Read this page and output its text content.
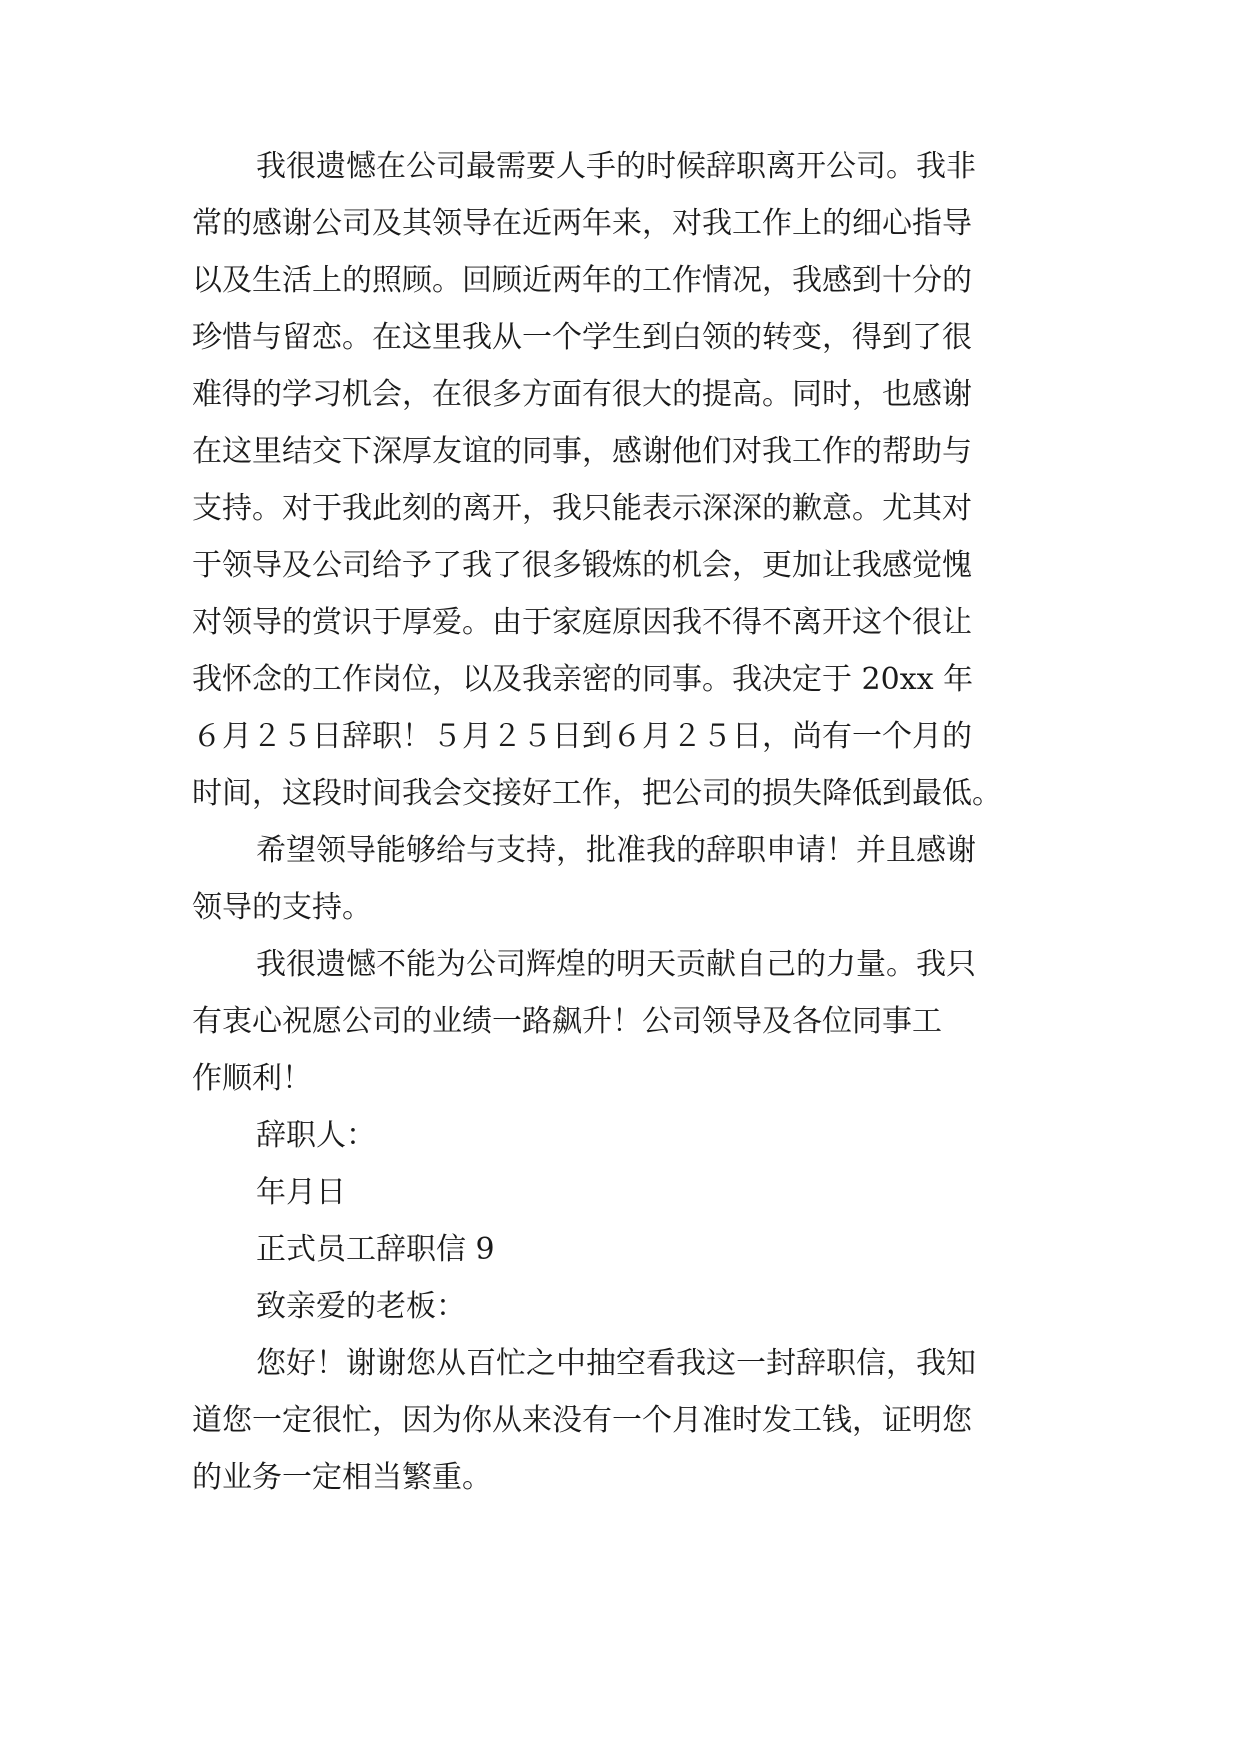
我很遗憾在公司最需要人手的时候辞职离开公司。我非
常的感谢公司及其领导在近两年来，对我工作上的细心指导
以及生活上的照顾。回顾近两年的工作情况，我感到十分的
珍惜与留恋。在这里我从一个学生到白领的转变，得到了很
难得的学习机会，在很多方面有很大的提高。同时，也感谢
在这里结交下深厚友谊的同事，感谢他们对我工作的帮助与
支持。对于我此刻的离开，我只能表示深深的歉意。尤其对
于领导及公司给予了我了很多锻炼的机会，更加让我感觉愧
对领导的赏识于厚爱。由于家庭原因我不得不离开这个很让
我怀念的工作岗位，以及我亲密的同事。我决定于 20xx 年
６月２５日辞职！５月２５日到６月２５日，尚有一个月的
时间，这段时间我会交接好工作，把公司的损失降低到最低。
希望领导能够给与支持，批准我的辞职申请！并且感谢
领导的支持。
我很遗憾不能为公司辉煌的明天贡献自己的力量。我只
有衷心祝愿公司的业绩一路飙升！公司领导及各位同事工
作顺利！
辞职人：
年月日
正式员工辞职信 9
致亲爱的老板：
您好！谢谢您从百忙之中抽空看我这一封辞职信，我知
道您一定很忙，因为你从来没有一个月准时发工钱，证明您
的业务一定相当繁重。
